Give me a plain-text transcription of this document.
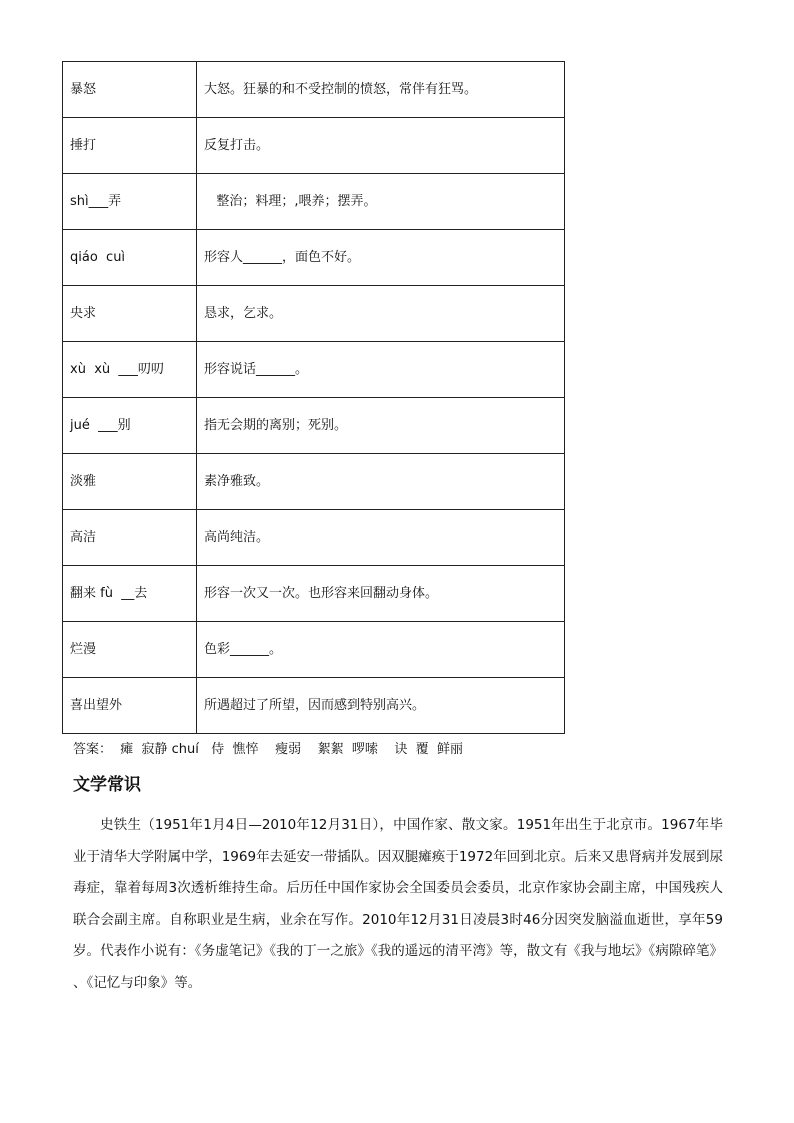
暴怒	大怒。狂暴的和不受控制的愤怒，常伴有狂骂。
捶打	反复打击。
shì___弄	整治；料理；,喂养；摆弄。
qiáo  cuì	形容人______，面色不好。
央求	恳求，乞求。
xù  xù  ___叨叨	形容说话______。
jué  ___别	指无会期的离别；死别。
淡雅	素净雅致。
高洁	高尚纯洁。
翻来 fù  __去	形容一次又一次。也形容来回翻动身体。
烂漫	色彩______。
喜出望外	所遇超过了所望，因而感到特别高兴。
答案：  瘫  寂静 chuí   侍  憔悴    瘦弱    絮絮  啰嗦    诀  覆  鲜丽
文学常识

史铁生（1951年1月4日—2010年12月31日），中国作家、散文家。1951年出生于北京市。1967年毕业于清华大学附属中学，1969年去延安一带插队。因双腿瘫痪于1972年回到北京。后来又患肾病并发展到尿毒症，靠着每周3次透析维持生命。后历任中国作家协会全国委员会委员，北京作家协会副主席，中国残疾人联合会副主席。自称职业是生病，业余在写作。2010年12月31日凌晨3时46分因突发脑溢血逝世，享年59岁。代表作小说有：《务虚笔记》《我的丁一之旅》《我的遥远的清平湾》等，散文有《我与地坛》《病隙碎笔》 、《记忆与印象》等。
